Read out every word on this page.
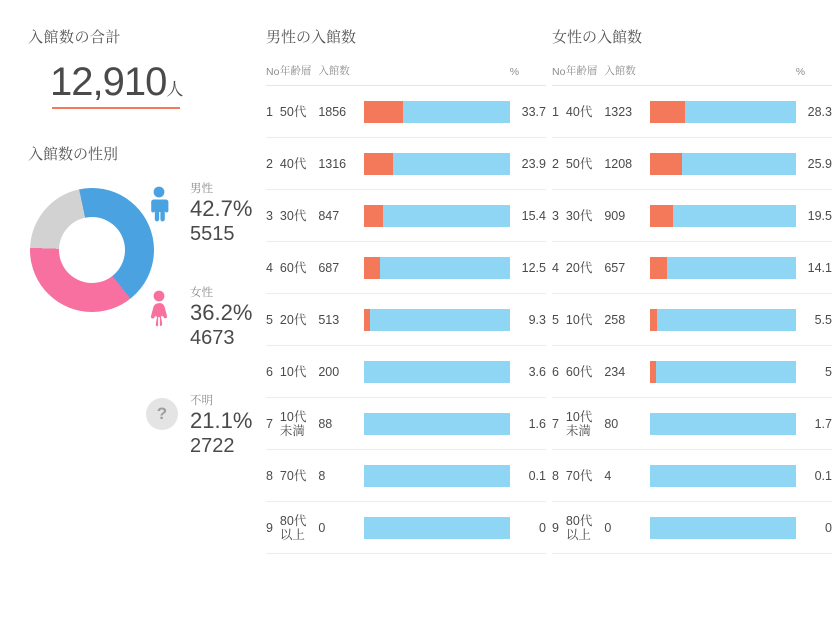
入館数の合計
12,910人
入館数の性別
男性
42.7%
5515
女性
36.2%
4673
?
不明
21.1%
2722
男性の入館数
No	年齢層	入館数		%
1	50代	1856		33.7
2	40代	1316		23.9
3	30代	847		15.4
4	60代	687		12.5
5	20代	513		9.3
6	10代	200		3.6
7	10代
未満	88		1.6
8	70代	8		0.1
9	80代
以上	0		0
女性の入館数
No	年齢層	入館数		%
1	40代	1323		28.3
2	50代	1208		25.9
3	30代	909		19.5
4	20代	657		14.1
5	10代	258		5.5
6	60代	234		5
7	10代
未満	80		1.7
8	70代	4		0.1
9	80代
以上	0		0
